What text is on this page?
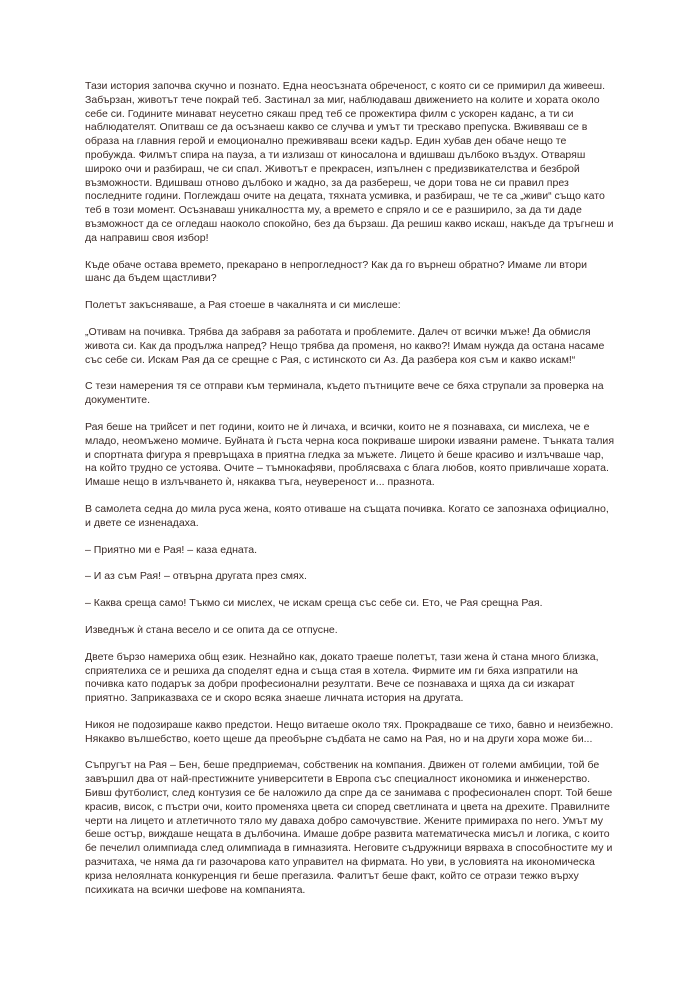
Тази история започва скучно и познато. Една неосъзната обреченост, с която си се примирил да живееш.
Забързан, животът тече покрай теб. Застинал за миг, наблюдаваш движението на колите и хората около
себе си. Годините минават неусетно сякаш пред теб се прожектира филм с ускорен каданс, а ти си
наблюдателят. Опитваш се да осъзнаеш какво се случва и умът ти трескаво препуска. Вживяваш се в
образа на главния герой и емоционално преживяваш всеки кадър. Един хубав ден обаче нещо те
пробужда. Филмът спира на пауза, а ти излизаш от киносалона и вдишваш дълбоко въздух. Отваряш
широко очи и разбираш, че си спал. Животът е прекрасен, изпълнен с предизвикателства и безброй
възможности. Вдишваш отново дълбоко и жадно, за да разбереш, че дори това не си правил през
последните години. Поглеждаш очите на децата, тяхната усмивка, и разбираш, че те са „живи“ също като
теб в този момент. Осъзнаваш уникалността му, а времето е спряло и се е разширило, за да ти даде
възможност да се огледаш наоколо спокойно, без да бързаш. Да решиш какво искаш, накъде да тръгнеш и
да направиш своя избор!

Къде обаче остава времето, прекарано в непрогледност? Как да го върнеш обратно? Имаме ли втори
шанс да бъдем щастливи?

Полетът закъсняваше, а Рая стоеше в чакалнята и си мислеше:

„Отивам на почивка. Трябва да забравя за работата и проблемите. Далеч от всички мъже! Да обмисля
живота си. Как да продължа напред? Нещо трябва да променя, но какво?! Имам нужда да остана насаме
със себе си. Искам Рая да се срещне с Рая, с истинското си Аз. Да разбера коя съм и какво искам!“

С тези намерения тя се отправи към терминала, където пътниците вече се бяха струпали за проверка на
документите.

Рая беше на трийсет и пет години, които не ѝ личаха, и всички, които не я познаваха, си мислеха, че е
младо, неомъжено момиче. Буйната ѝ гъста черна коса покриваше широки изваяни рамене. Тънката талия
и спортната фигура я превръщаха в приятна гледка за мъжете. Лицето ѝ беше красиво и излъчваше чар,
на който трудно се устоява. Очите – тъмнокафяви, проблясваха с блага любов, която привличаше хората.
Имаше нещо в излъчването ѝ, някаква тъга, неувереност и... празнота.

В самолета седна до мила руса жена, която отиваше на същата почивка. Когато се запознаха официално,
и двете се изненадаха.

– Приятно ми е Рая! – каза едната.

– И аз съм Рая! – отвърна другата през смях.

– Каква среща само! Тъкмо си мислех, че искам среща със себе си. Ето, че Рая срещна Рая.

Изведнъж ѝ стана весело и се опита да се отпусне.

Двете бързо намериха общ език. Незнайно как, докато траеше полетът, тази жена ѝ стана много близка,
сприятелиха се и решиха да споделят една и съща стая в хотела. Фирмите им ги бяха изпратили на
почивка като подарък за добри професионални резултати. Вече се познаваха и щяха да си изкарат
приятно. Заприказваха се и скоро всяка знаеше личната история на другата.

Никоя не подозираше какво предстои. Нещо витаеше около тях. Прокрадваше се тихо, бавно и неизбежно.
Някакво вълшебство, което щеше да преобърне съдбата не само на Рая, но и на други хора може би...

Съпругът на Рая – Бен, беше предприемач, собственик на компания. Движен от големи амбиции, той бе
завършил два от най-престижните университети в Европа със специалност икономика и инженерство.
Бивш футболист, след контузия се бе наложило да спре да се занимава с професионален спорт. Той беше
красив, висок, с пъстри очи, които променяха цвета си според светлината и цвета на дрехите. Правилните
черти на лицето и атлетичното тяло му даваха добро самочувствие. Жените примираха по него. Умът му
беше остър, виждаше нещата в дълбочина. Имаше добре развита математическа мисъл и логика, с които
бе печелил олимпиада след олимпиада в гимназията. Неговите съдружници вярваха в способностите му и
разчитаха, че няма да ги разочарова като управител на фирмата. Но уви, в условията на икономическа
криза нелоялната конкуренция ги беше прегазила. Фалитът беше факт, който се отрази тежко върху
психиката на всички шефове на компанията.
